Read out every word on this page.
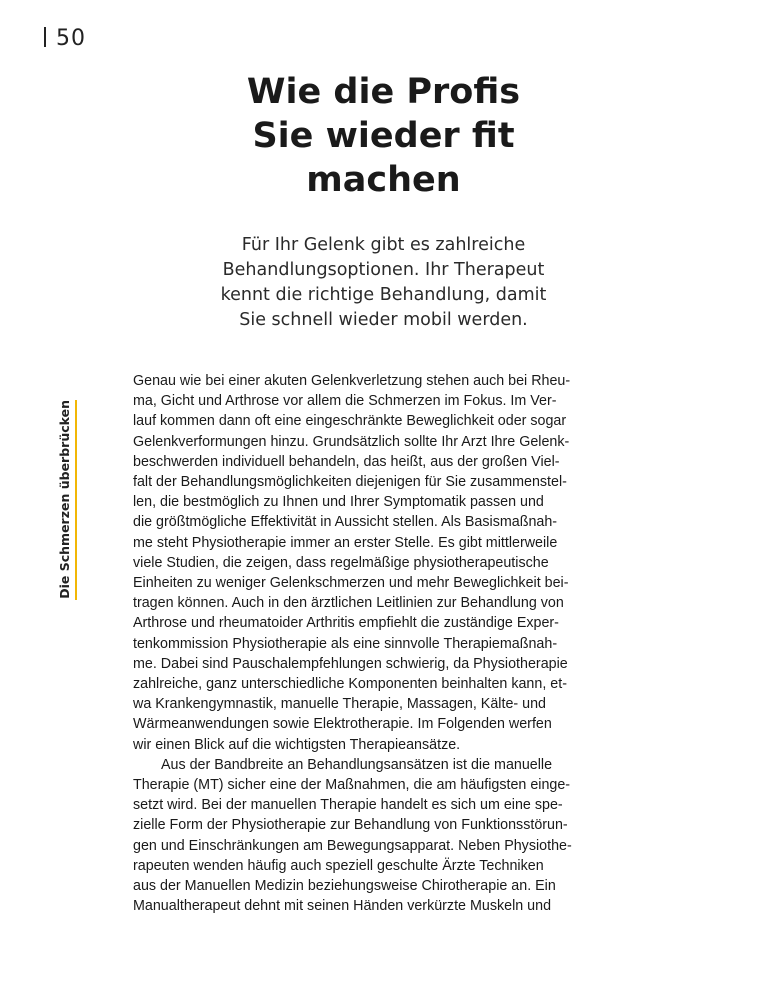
50
Die Schmerzen überbrücken
Wie die Profis
Sie wieder fit
machen

Für Ihr Gelenk gibt es zahlreiche
Behandlungsoptionen. Ihr Therapeut
kennt die richtige Behandlung, damit
Sie schnell wieder mobil werden.

Genau wie bei einer akuten Gelenkverletzung stehen auch bei Rheu-
ma, Gicht und Arthrose vor allem die Schmerzen im Fokus. Im Ver-
lauf kommen dann oft eine eingeschränkte Beweglichkeit oder sogar
Gelenkverformungen hinzu. Grundsätzlich sollte Ihr Arzt Ihre Gelenk-
beschwerden individuell behandeln, das heißt, aus der großen Viel-
falt der Behandlungsmöglichkeiten diejenigen für Sie zusammenstel-
len, die bestmöglich zu Ihnen und Ihrer Symptomatik passen und
die größtmögliche Effektivität in Aussicht stellen. Als Basismaßnah-
me steht Physiotherapie immer an erster Stelle. Es gibt mittlerweile
viele Studien, die zeigen, dass regelmäßige physiotherapeutische
Einheiten zu weniger Gelenkschmerzen und mehr Beweglichkeit bei-
tragen können. Auch in den ärztlichen Leitlinien zur Behandlung von
Arthrose und rheumatoider Arthritis empfiehlt die zuständige Exper-
tenkommission Physiotherapie als eine sinnvolle Therapiemaßnah-
me. Dabei sind Pauschalempfehlungen schwierig, da Physiotherapie
zahlreiche, ganz unterschiedliche Komponenten beinhalten kann, et-
wa Krankengymnastik, manuelle Therapie, Massagen, Kälte- und
Wärmeanwendungen sowie Elektrotherapie. Im Folgenden werfen
wir einen Blick auf die wichtigsten Therapieansätze.
Aus der Bandbreite an Behandlungsansätzen ist die manuelle
Therapie (MT) sicher eine der Maßnahmen, die am häufigsten einge-
setzt wird. Bei der manuellen Therapie handelt es sich um eine spe-
zielle Form der Physiotherapie zur Behandlung von Funktionsstörun-
gen und Einschränkungen am Bewegungsapparat. Neben Physiothe-
rapeuten wenden häufig auch speziell geschulte Ärzte Techniken
aus der Manuellen Medizin beziehungsweise Chirotherapie an. Ein
Manualtherapeut dehnt mit seinen Händen verkürzte Muskeln und
